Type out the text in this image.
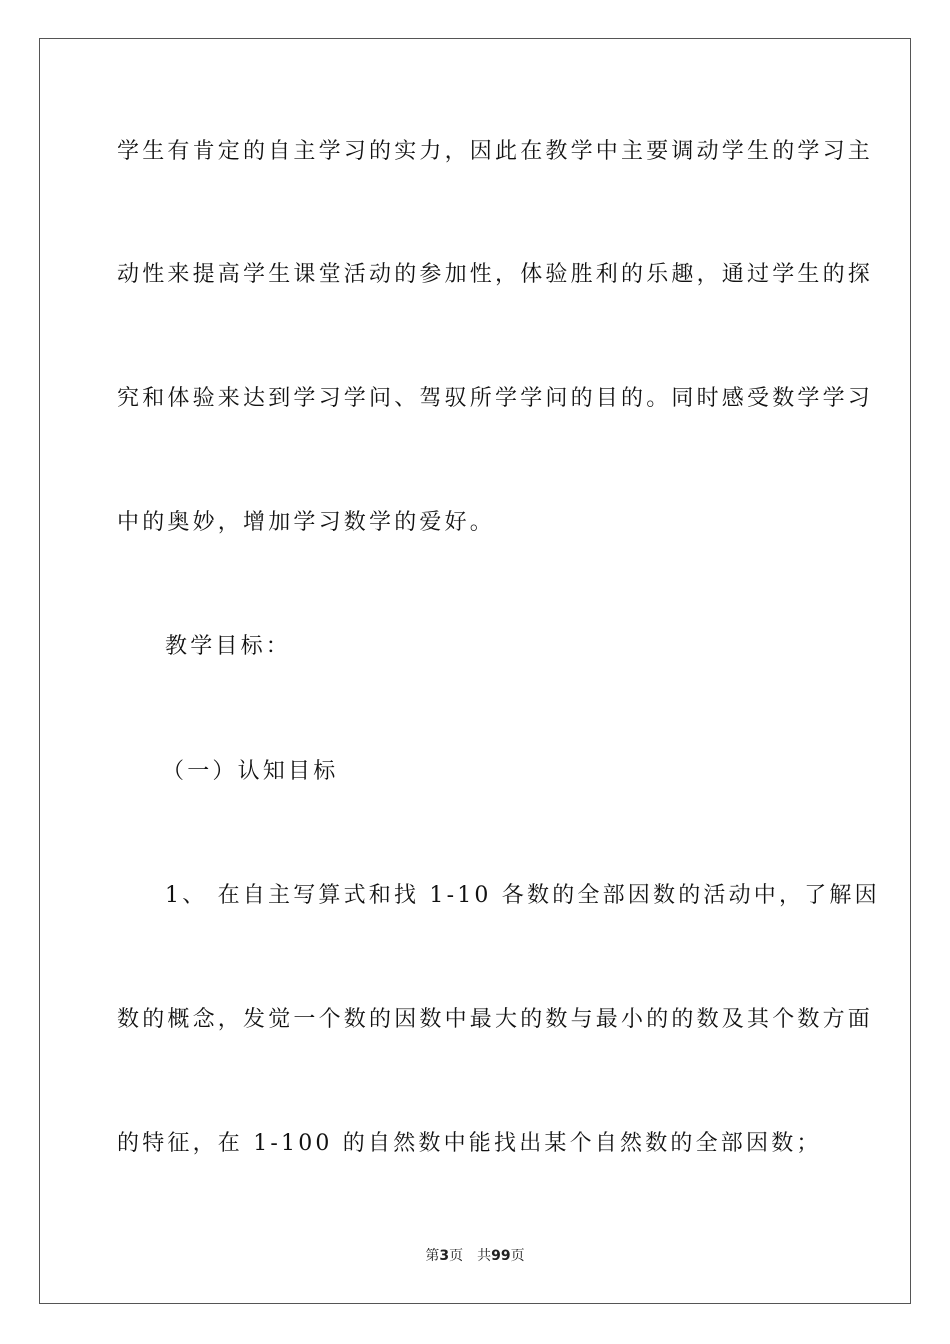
学生有肯定的自主学习的实力，因此在教学中主要调动学生的学习主

动性来提高学生课堂活动的参加性，体验胜利的乐趣，通过学生的探

究和体验来达到学习学问、驾驭所学学问的目的。同时感受数学学习

中的奥妙，增加学习数学的爱好。

教学目标：

（一）认知目标

1、 在自主写算式和找 1-10 各数的全部因数的活动中，了解因

数的概念，发觉一个数的因数中最大的数与最小的的数及其个数方面

的特征，在 1-100 的自然数中能找出某个自然数的全部因数；

第3页 共99页
